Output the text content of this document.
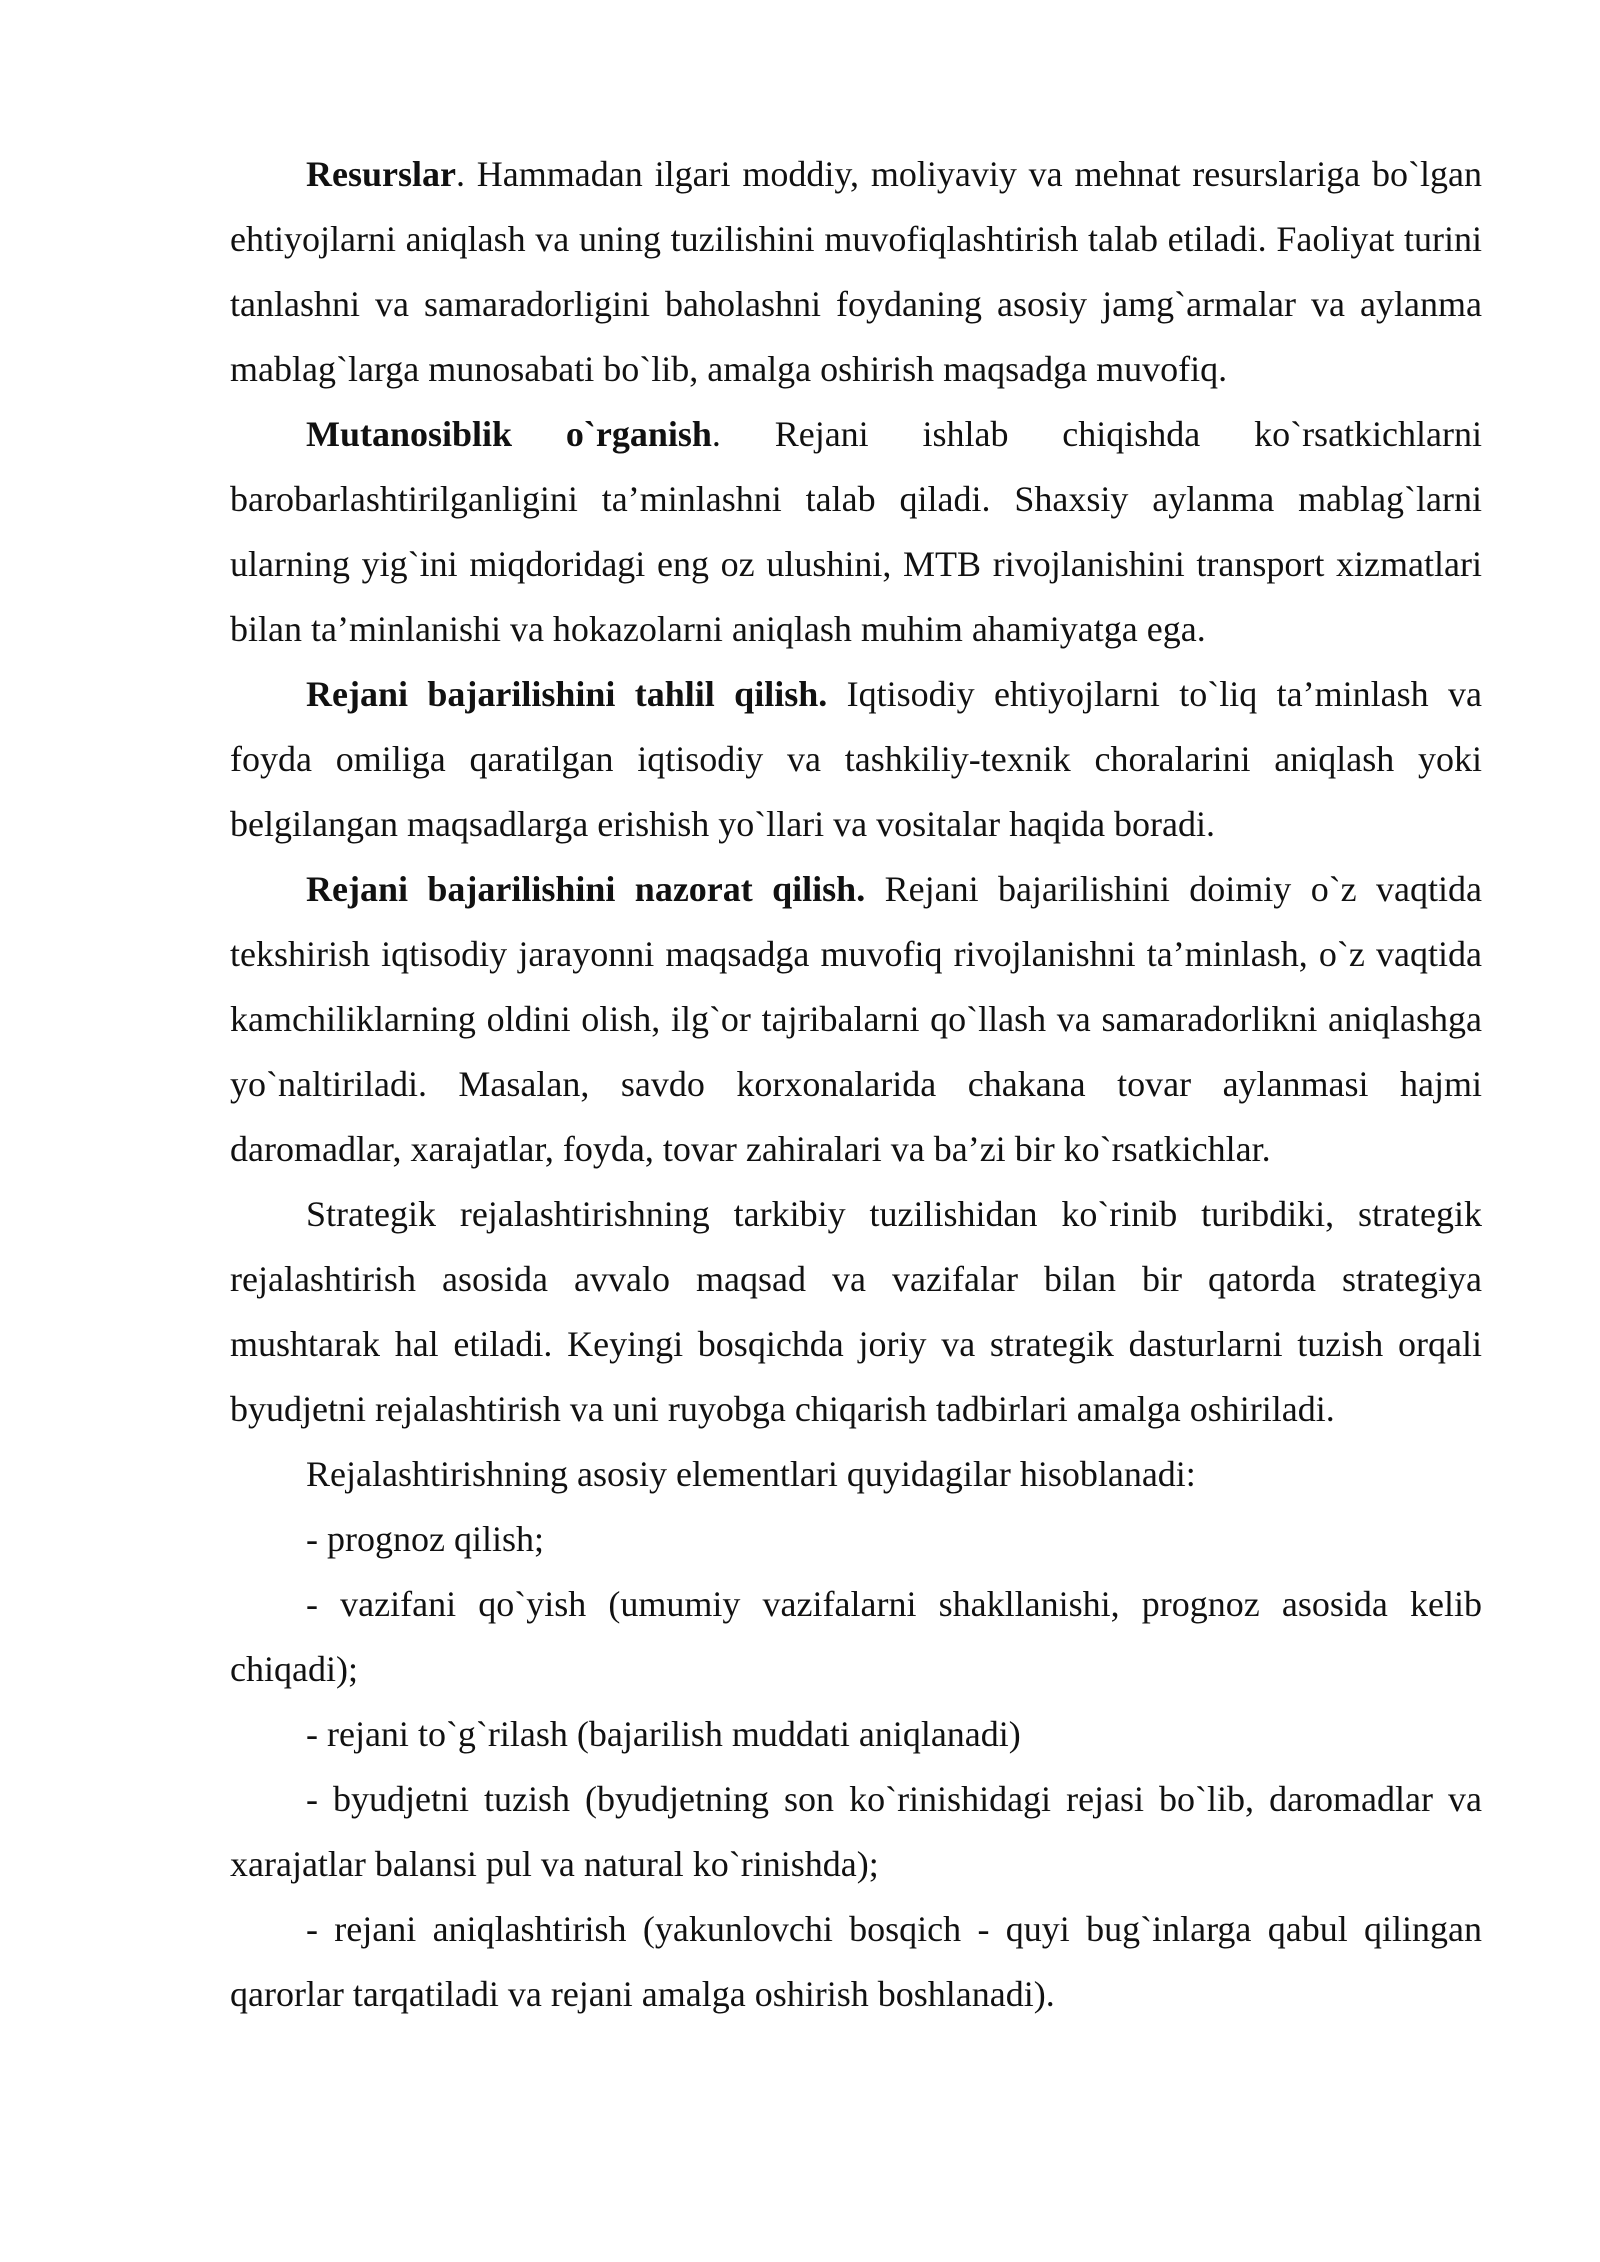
Resurslar. Hammadan ilgari moddiy, moliyaviy va mehnat resurslariga bo`lgan ehtiyojlarni aniqlash va uning tuzilishini muvofiqlashtirish talab etiladi. Faoliyat turini tanlashni va samaradorligini baholashni foydaning asosiy jamg`armalar va aylanma mablag`larga munosabati bo`lib, amalga oshirish maqsadga muvofiq.

Mutanosiblik o`rganish. Rejani ishlab chiqishda ko`rsatkichlarni barobarlashtirilganligini ta’minlashni talab qiladi. Shaxsiy aylanma mablag`larni ularning yig`ini miqdoridagi eng oz ulushini, MTB rivojlanishini transport xizmatlari bilan ta’minlanishi va hokazolarni aniqlash muhim ahamiyatga ega.

Rejani bajarilishini tahlil qilish. Iqtisodiy ehtiyojlarni to`liq ta’minlash va foyda omiliga qaratilgan iqtisodiy va tashkiliy-texnik choralarini aniqlash yoki belgilangan maqsadlarga erishish yo`llari va vositalar haqida boradi.

Rejani bajarilishini nazorat qilish. Rejani bajarilishini doimiy o`z vaqtida tekshirish iqtisodiy jarayonni maqsadga muvofiq rivojlanishni ta’minlash, o`z vaqtida kamchiliklarning oldini olish, ilg`or tajribalarni qo`llash va samaradorlikni aniqlashga yo`naltiriladi. Masalan, savdo korxonalarida chakana tovar aylanmasi hajmi daromadlar, xarajatlar, foyda, tovar zahiralari va ba’zi bir ko`rsatkichlar.

Strategik rejalashtirishning tarkibiy tuzilishidan ko`rinib turibdiki, strategik rejalashtirish asosida avvalo maqsad va vazifalar bilan bir qatorda strategiya mushtarak hal etiladi. Keyingi bosqichda joriy va strategik dasturlarni tuzish orqali byudjetni rejalashtirish va uni ruyobga chiqarish tadbirlari amalga oshiriladi.

Rejalashtirishning asosiy elementlari quyidagilar hisoblanadi:

- prognoz qilish;

- vazifani qo`yish (umumiy vazifalarni shakllanishi, prognoz asosida kelib chiqadi);

- rejani to`g`rilash (bajarilish muddati aniqlanadi)

- byudjetni tuzish (byudjetning son ko`rinishidagi rejasi bo`lib, daromadlar va xarajatlar balansi pul va natural ko`rinishda);

- rejani aniqlashtirish (yakunlovchi bosqich - quyi bug`inlarga qabul qilingan qarorlar tarqatiladi va rejani amalga oshirish boshlanadi).
